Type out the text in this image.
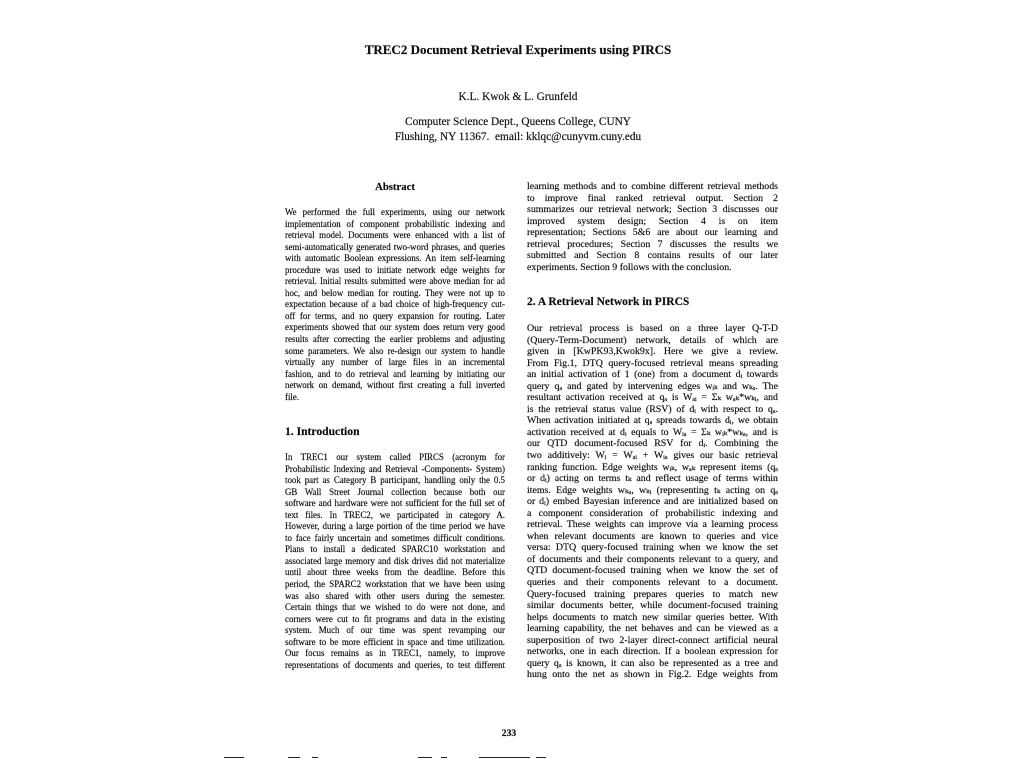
TREC2 Document Retrieval Experiments using PIRCS
K.L. Kwok & L. Grunfeld
Computer Science Dept., Queens College, CUNY
Flushing, NY 11367.  email: kklqc@cunyvm.cuny.edu
Abstract
We performed the full experiments, using our network
implementation of component probabilistic indexing and
retrieval model. Documents were enhanced with a list of
semi-automatically generated two-word phrases, and queries
with automatic Boolean expressions. An item self-learning
procedure was used to initiate network edge weights for
retrieval. Initial results submitted were above median for ad
hoc, and below median for routing. They were not up to
expectation because of a bad choice of high-frequency cut-
off for terms, and no query expansion for routing. Later
experiments showed that our system does return very good
results after correcting the earlier problems and adjusting
some parameters. We also re-design our system to handle
virtually any number of large files in an incremental
fashion, and to do retrieval and learning by initiating our
network on demand, without first creating a full inverted
file.
1. Introduction
In TREC1 our system called PIRCS (acronym for
Probabilistic Indexing and Retrieval -Components- System)
took part as Category B participant, handling only the 0.5
GB Wall Street Journal collection because both our
software and hardware were not sufficient for the full set of
text files. In TREC2, we participated in category A.
However, during a large portion of the time period we have
to face fairly uncertain and sometimes difficult conditions.
Plans to install a dedicated SPARC10 workstation and
associated large memory and disk drives did not materialize
until about three weeks from the deadline. Before this
period, the SPARC2 workstation that we have been using
was also shared with other users during the semester.
Certain things that we wished to do were not done, and
corners were cut to fit programs and data in the existing
system. Much of our time was spent revamping our
software to be more efficient in space and time utilization.
Our focus remains as in TREC1, namely, to improve
representations of documents and queries, to test different
learning methods and to combine different retrieval methods
to improve final ranked retrieval output. Section 2
summarizes our retrieval network; Section 3 discusses our
improved system design; Section 4 is on item
representation; Sections 5&6 are about our learning and
retrieval procedures; Section 7 discusses the results we
submitted and Section 8 contains results of our later
experiments. Section 9 follows with the conclusion.
2. A Retrieval Network in PIRCS
Our retrieval process is based on a three layer Q-T-D
(Query-Term-Document) network, details of which are
given in [KwPK93,Kwok9x]. Here we give a review.
From Fig.1, DTQ query-focused retrieval means spreading
an initial activation of 1 (one) from a document dᵢ towards
query qₐ and gated by intervening edges wᵢₖ and wₖₐ. The
resultant activation received at qₐ is Wₐᵢ = Σₖ wₐₖ*wₖᵢ, and
is the retrieval status value (RSV) of dᵢ with respect to qₐ.
When activation initiated at qₐ spreads towards dᵢ, we obtain
activation received at dᵢ equals to Wᵢₐ = Σₖ wᵢₖ*wₖₐ, and is
our QTD document-focused RSV for dᵢ. Combining the
two additively: Wᵢ = Wₐᵢ + Wᵢₐ gives our basic retrieval
ranking function. Edge weights wᵢₖ, wₐₖ represent items (qₐ
or dᵢ) acting on terms tₖ and reflect usage of terms within
items. Edge weights wₖₐ, wₖᵢ (representing tₖ acting on qₐ
or dᵢ) embed Bayesian inference and are initialized based on
a component consideration of probabilistic indexing and
retrieval. These weights can improve via a learning process
when relevant documents are known to queries and vice
versa: DTQ query-focused training when we know the set
of documents and their components relevant to a query, and
QTD document-focused training when we know the set of
queries and their components relevant to a document.
Query-focused training prepares queries to match new
similar documents better, while document-focused training
helps documents to match new similar queries better. With
learning capability, the net behaves and can be viewed as a
superposition of two 2-layer direct-connect artificial neural
networks, one in each direction. If a boolean expression for
query qₐ is known, it can also be represented as a tree and
hung onto the net as shown in Fig.2. Edge weights from
233
